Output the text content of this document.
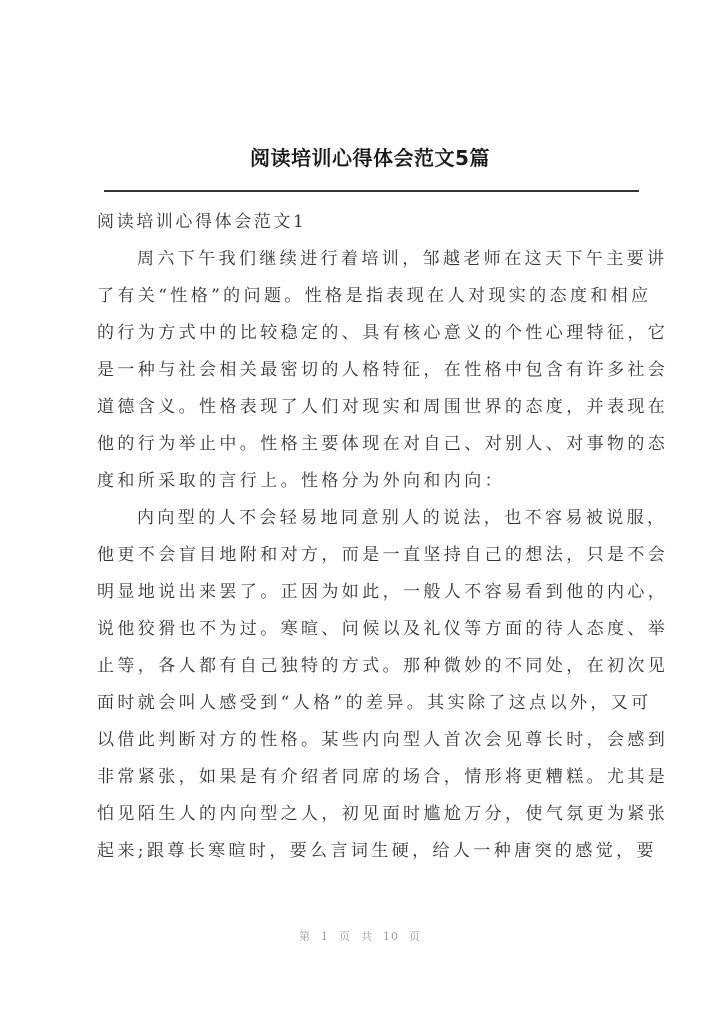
阅读培训心得体会范文5篇
阅读培训心得体会范文1
周六下午我们继续进行着培训，邹越老师在这天下午主要讲
了有关“性格”的问题。性格是指表现在人对现实的态度和相应
的行为方式中的比较稳定的、具有核心意义的个性心理特征，它
是一种与社会相关最密切的人格特征，在性格中包含有许多社会
道德含义。性格表现了人们对现实和周围世界的态度，并表现在
他的行为举止中。性格主要体现在对自己、对别人、对事物的态
度和所采取的言行上。性格分为外向和内向：
内向型的人不会轻易地同意别人的说法，也不容易被说服，
他更不会盲目地附和对方，而是一直坚持自己的想法，只是不会
明显地说出来罢了。正因为如此，一般人不容易看到他的内心，
说他狡猾也不为过。寒暄、问候以及礼仪等方面的待人态度、举
止等，各人都有自己独特的方式。那种微妙的不同处，在初次见
面时就会叫人感受到“人格”的差异。其实除了这点以外，又可
以借此判断对方的性格。某些内向型人首次会见尊长时，会感到
非常紧张，如果是有介绍者同席的场合，情形将更糟糕。尤其是
怕见陌生人的内向型之人，初见面时尴尬万分，使气氛更为紧张
起来;跟尊长寒暄时，要么言词生硬，给人一种唐突的感觉，要
第 1 页 共 10 页
